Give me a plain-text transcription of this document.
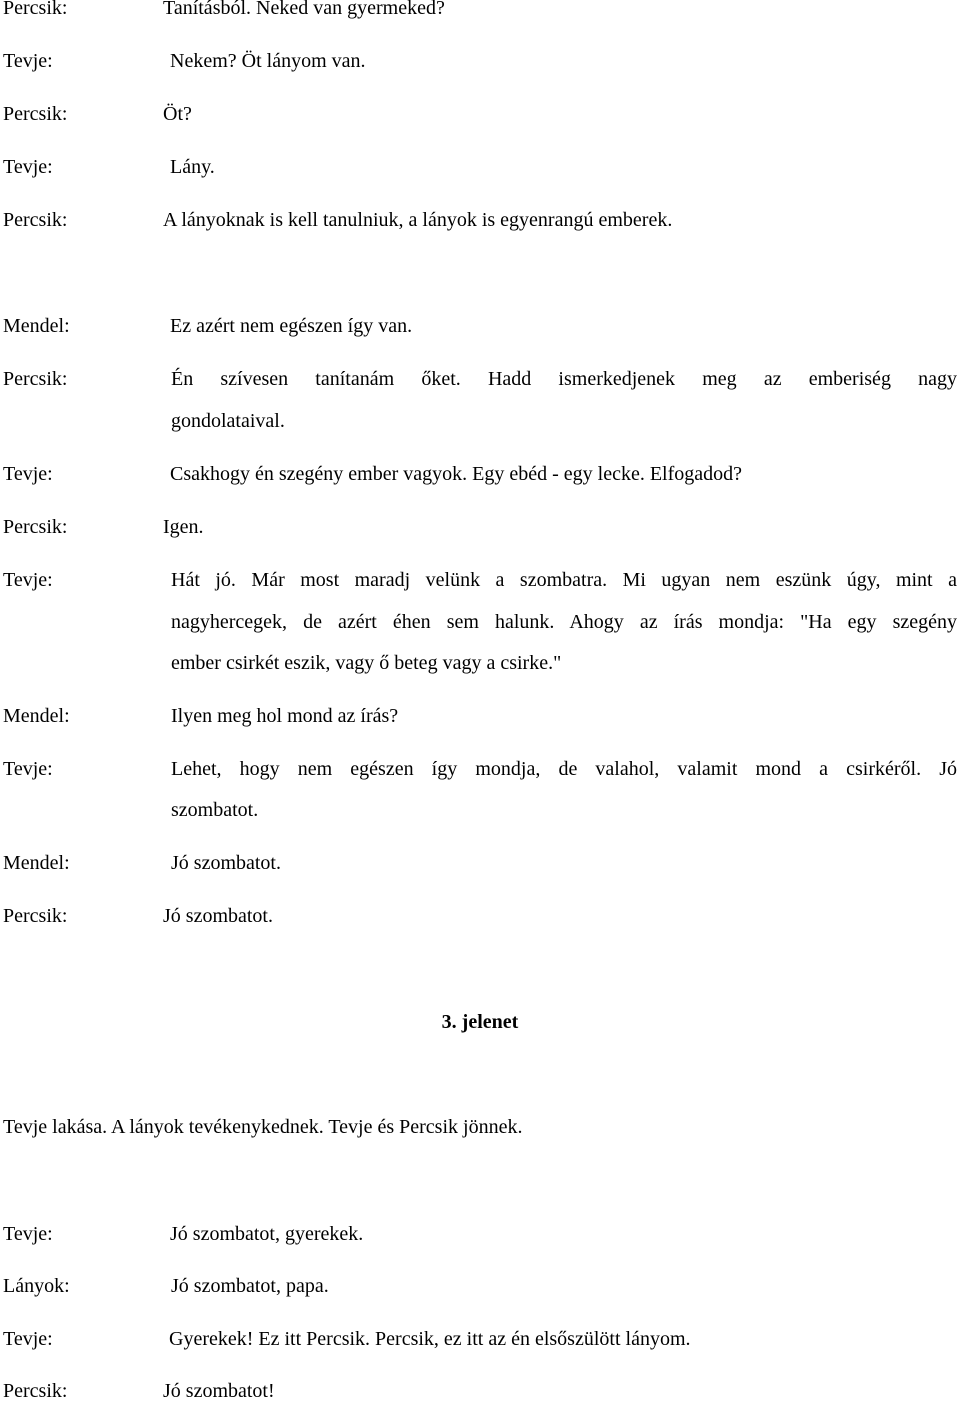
Percsik:	Tanításból. Neked van gyermeked?
Tevje:	Nekem? Öt lányom van.
Percsik:	Öt?
Tevje:	Lány.
Percsik:	A lányoknak is kell tanulniuk, a lányok is egyenrangú emberek.
Mendel:	Ez azért nem egészen így van.
Percsik:	Én szívesen tanítanám őket. Hadd ismerkedjenek meg az emberiség nagy
gondolataival.
Tevje:	Csakhogy én szegény ember vagyok. Egy ebéd - egy lecke. Elfogadod?
Percsik:	Igen.
Tevje:	Hát jó. Már most maradj velünk a szombatra. Mi ugyan nem eszünk úgy, mint a
nagyhercegek, de azért éhen sem halunk. Ahogy az írás mondja: "Ha egy szegény
ember csirkét eszik, vagy ő beteg vagy a csirke."
Mendel:	Ilyen meg hol mond az írás?
Tevje:	Lehet, hogy nem egészen így mondja, de valahol, valamit mond a csirkéről. Jó
szombatot.
Mendel:	Jó szombatot.
Percsik:	Jó szombatot.
3. jelenet
Tevje lakása. A lányok tevékenykednek. Tevje és Percsik jönnek.
Tevje:	Jó szombatot, gyerekek.
Lányok:	Jó szombatot, papa.
Tevje:	Gyerekek! Ez itt Percsik. Percsik, ez itt az én elsőszülött lányom.
Percsik:	Jó szombatot!
